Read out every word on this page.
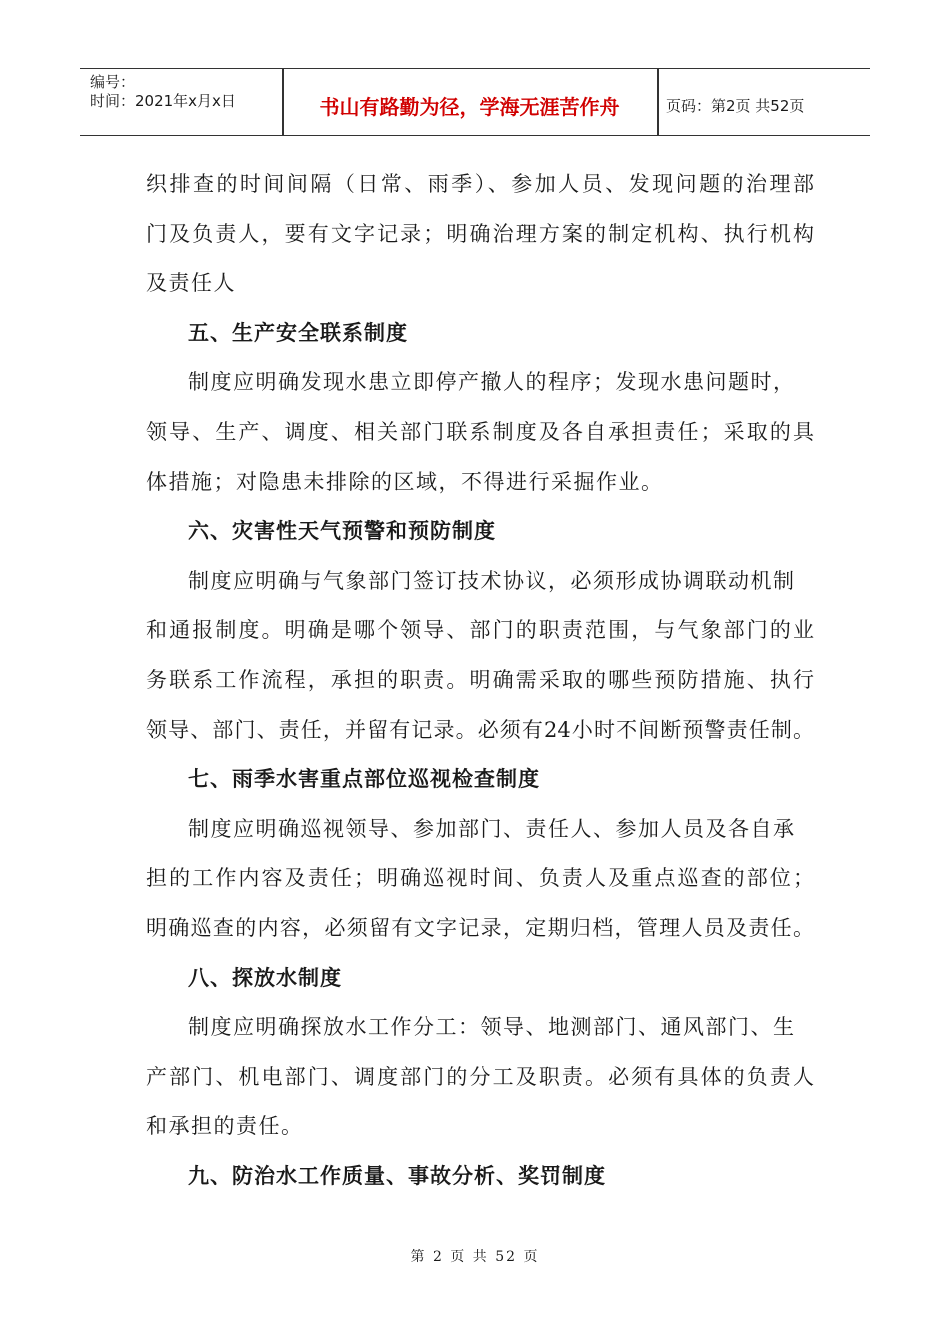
编号：
时间：2021年x月x日	书山有路勤为径，学海无涯苦作舟	页码：第2页 共52页
织排查的时间间隔（日常、雨季）、参加人员、发现问题的治理部
门及负责人，要有文字记录；明确治理方案的制定机构、执行机构
及责任人
五、生产安全联系制度
制度应明确发现水患立即停产撤人的程序；发现水患问题时，
领导、生产、调度、相关部门联系制度及各自承担责任；采取的具
体措施；对隐患未排除的区域，不得进行采掘作业。
六、灾害性天气预警和预防制度
制度应明确与气象部门签订技术协议，必须形成协调联动机制
和通报制度。明确是哪个领导、部门的职责范围，与气象部门的业
务联系工作流程，承担的职责。明确需采取的哪些预防措施、执行
领导、部门、责任，并留有记录。必须有24小时不间断预警责任制。
七、雨季水害重点部位巡视检查制度
制度应明确巡视领导、参加部门、责任人、参加人员及各自承
担的工作内容及责任；明确巡视时间、负责人及重点巡查的部位；
明确巡查的内容，必须留有文字记录，定期归档，管理人员及责任。
八、探放水制度
制度应明确探放水工作分工：领导、地测部门、通风部门、生
产部门、机电部门、调度部门的分工及职责。必须有具体的负责人
和承担的责任。
九、防治水工作质量、事故分析、奖罚制度
第 2 页 共 52 页
